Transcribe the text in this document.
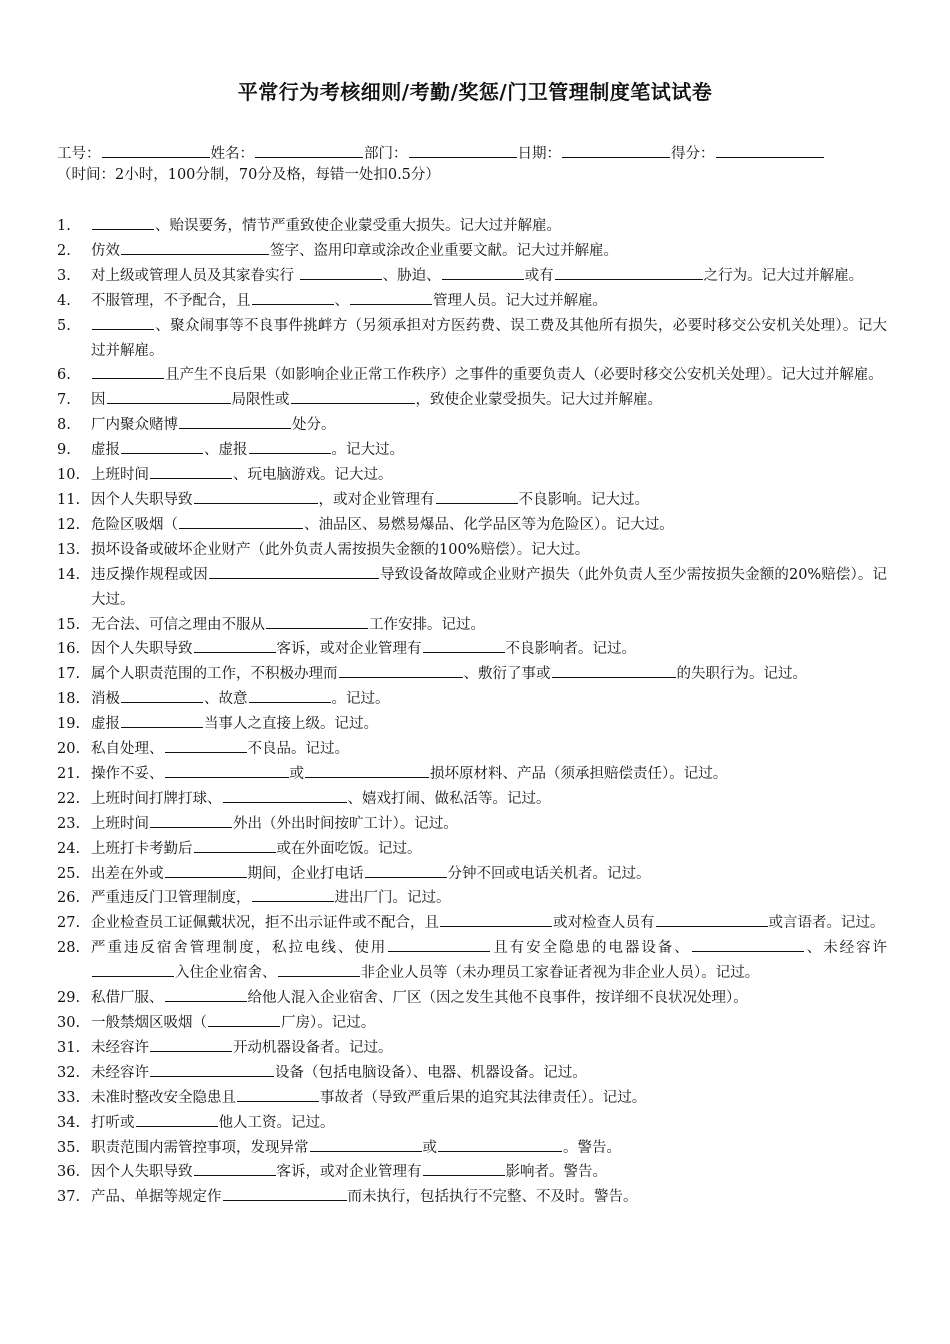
平常行为考核细则/考勤/奖惩/门卫管理制度笔试试卷
工号：	姓名：	部门：	日期：	得分：
（时间：2小时，100分制，70分及格，每错一处扣0.5分）
1.	、贻误要务，情节严重致使企业蒙受重大损失。记大过并解雇。
2.	仿效	签字、盗用印章或涂改企业重要文献。记大过并解雇。
3.	对上级或管理人员及其家眷实行	、胁迫、	或有	之行为。记大过并解雇。
4.	不服管理，不予配合，且	、	管理人员。记大过并解雇。
5.	、聚众闹事等不良事件挑衅方（另须承担对方医药费、误工费及其他所有损失，必要时移交公安机关处理）。记大过并解雇。
6.	且产生不良后果（如影响企业正常工作秩序）之事件的重要负责人（必要时移交公安机关处理）。记大过并解雇。
7.	因	局限性或	，致使企业蒙受损失。记大过并解雇。
8.	厂内聚众赌博	处分。
9.	虚报	、虚报	。记大过。
10. 上班时间	、玩电脑游戏。记大过。
11. 因个人失职导致	，或对企业管理有	不良影响。记大过。
12. 危险区吸烟（	、油品区、易燃易爆品、化学品区等为危险区）。记大过。
13. 损坏设备或破坏企业财产（此外负责人需按损失金额的100%赔偿）。记大过。
14. 违反操作规程或因	导致设备故障或企业财产损失（此外负责人至少需按损失金额的20%赔偿）。记大过。
15. 无合法、可信之理由不服从	工作安排。记过。
16. 因个人失职导致	客诉，或对企业管理有	不良影响者。记过。
17. 属个人职责范围的工作，不积极办理而	、敷衍了事或	的失职行为。记过。
18. 消极	、故意	。记过。
19. 虚报	当事人之直接上级。记过。
20. 私自处理、	不良品。记过。
21. 操作不妥、	或	损坏原材料、产品（须承担赔偿责任）。记过。
22. 上班时间打牌打球、	、嬉戏打闹、做私活等。记过。
23. 上班时间	外出（外出时间按旷工计）。记过。
24. 上班打卡考勤后	或在外面吃饭。记过。
25. 出差在外或	期间，企业打电话	分钟不回或电话关机者。记过。
26. 严重违反门卫管理制度，	进出厂门。记过。
27. 企业检查员工证佩戴状况，拒不出示证件或不配合，且	或对检查人员有	或言语者。记过。
28. 严重违反宿舍管理制度，私拉电线、使用	且有安全隐患的电器设备、	、未经容许入住企业宿舍、	非企业人员等（未办理员工家眷证者视为非企业人员）。记过。
29. 私借厂服、	给他人混入企业宿舍、厂区（因之发生其他不良事件，按详细不良状况处理）。
30. 一般禁烟区吸烟（	厂房）。记过。
31. 未经容许	开动机器设备者。记过。
32. 未经容许	设备（包括电脑设备）、电器、机器设备。记过。
33. 未准时整改安全隐患且	事故者（导致严重后果的追究其法律责任）。记过。
34. 打听或	他人工资。记过。
35. 职责范围内需管控事项，发现异常	或	。警告。
36. 因个人失职导致	客诉，或对企业管理有	影响者。警告。
37. 产品、单据等规定作	而未执行，包括执行不完整、不及时。警告。
